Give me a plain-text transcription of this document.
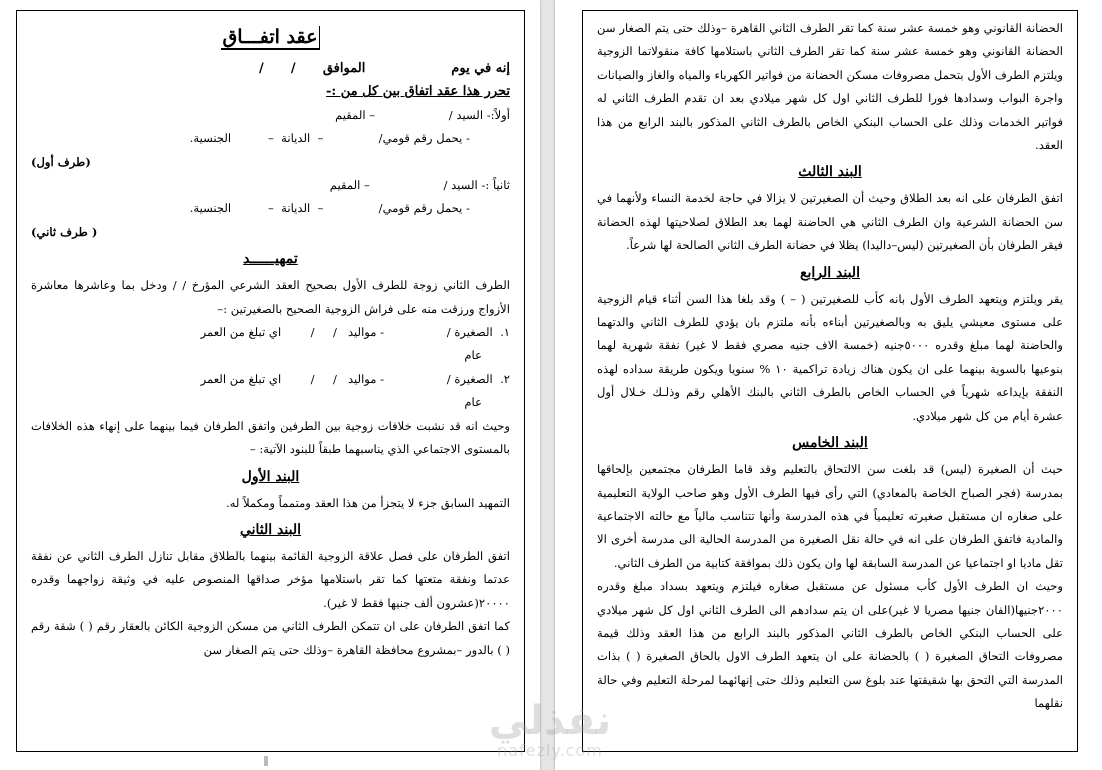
عقد اتفـــاق

إنه في يوم                   الموافق      /      /

تحرر هذا عقد اتفاق بين كل من :-

أولاً:- السيد /                    – المقيم

- يحمل رقم قومي/               –  الديانة  –          الجنسية.

(طرف أول)

ثانياً :- السيد /                    – المقيم

- يحمل رقم قومي/               –  الديانة  –          الجنسية.

( طرف ثاني)

تمهيــــــد

الطرف الثاني زوجة للطرف الأول بصحيح العقد الشرعي المؤرخ / / ودخل بما وعاشرها معاشرة الأزواج ورزقت منه على فراش الزوجية الصحيح بالصغيرتين :–

١.  الصغيرة /                 - مواليد   /     /        اي تبلغ من العمر

عام

٢.  الصغيرة /                 - مواليد   /     /        اي تبلغ من العمر

عام

وحيث انه قد نشبت خلافات زوجية بين الطرفين واتفق الطرفان فيما بينهما على إنهاء هذه الخلافات بالمستوى الاجتماعي الذي يناسبهما طبقاً للبنود الآتية: –

البند الأول

التمهيد السابق جزء لا يتجزأ من هذا العقد ومتمماً ومكملاً له.

البند الثاني

اتفق الطرفان على فصل علاقة الزوجية القائمة بينهما بالطلاق مقابل تنازل الطرف الثاني عن نفقة عدتما ونفقة متعتها كما تقر باستلامها مؤخر صداقها المنصوص عليه في وثيقة زواجهما وقدره ٢٠٠٠٠(عشرون ألف جنيها فقط لا غير).

كما اتفق الطرفان على ان تتمكن الطرف الثاني من مسكن الزوجية الكائن بالعقار رقم ( ) شقة رقم ( ) بالدور –بمشروع محافظة القاهرة –وذلك حتى يتم الصغار سن

الحضانة القانوني وهو خمسة عشر سنة كما تقر الطرف الثاني القاهرة –وذلك حتى يتم الصغار سن الحضانة القانوني وهو خمسة عشر سنة كما تقر الطرف الثاني باستلامها كافة منقولاتما الزوجية ويلتزم الطرف الأول بتحمل مصروفات مسكن الحضانة من فواتير الكهرباء والمياه والغاز والصيانات واجرة البواب وسدادها فورا للطرف الثاني اول كل شهر ميلادي بعد ان تقدم الطرف الثاني له فواتير الخدمات وذلك على الحساب البنكي الخاص بالطرف الثاني المذكور بالبند الرابع من هذا العقد.

البند الثالث

اتفق الطرفان على انه بعد الطلاق وحيث أن الصغيرتين لا يزالا في حاجة لخدمة النساء ولأنهما في سن الحضانة الشرعية وان الطرف الثاني هي الحاضنة لهما بعد الطلاق لصلاحيتها لهذه الحضانة فيقر الطرفان بأن الصغيرتين (ليس–داليدا) يظلا في حضانة الطرف الثاني الصالحة لها شرعاً.

البند الرابع

يقر ويلتزم ويتعهد الطرف الأول بانه كأب للصغيرتين ( – ) وقد بلغا هذا السن أثناء قيام الزوجية على مستوى معيشي يليق به وبالصغيرتين أبناءه بأنه ملتزم بان يؤدي للطرف الثاني والدتهما والحاضنة لهما مبلغ وقدره ٥٠٠٠جنيه (خمسة الاف جنيه مصري فقط لا غير) نفقة شهرية لهما بنوعيها بالسوية بينهما على ان يكون هناك زيادة تراكمية ١٠ % سنويا ويكون طريقة سداده لهذه النفقة بإيداعه شهرياً في الحساب الخاص بالطرف الثاني بالبنك الأهلي رقم وذلـك خـلال أول عشرة أيام من كل شهر ميلادي.

البند الخامس

حيث أن الصغيرة (ليس) قد بلغت سن الالتحاق بالتعليم وقد قاما الطرفان مجتمعين بإلحاقها بمدرسة (فجر الصباح الخاصة بالمعادي) التي رأى فيها الطرف الأول وهو صاحب الولاية التعليمية على صغاره ان مستقبل صغيرته تعليمياً في هذه المدرسة وأنها تتناسب مالياً مع حالته الاجتماعية والمادية فاتفق الطرفان على انه في حالة نقل الصغيرة من المدرسة الحالية الى مدرسة أخرى الا تقل ماديا او اجتماعيا عن المدرسة السابقة لها وان يكون ذلك بموافقة كتابية من الطرف الثاني.

وحيث ان الطرف الأول كأب مسئول عن مستقبل صغاره فيلتزم ويتعهد بسداد مبلغ وقدره ٢٠٠٠جنيها(الفان جنيها مصريا لا غير)على ان يتم سدادهم الى الطرف الثاني اول كل شهر ميلادي على الحساب البنكي الخاص بالطرف الثاني المذكور بالبند الرابع من هذا العقد وذلك قيمة مصروفات التحاق الصغيرة ( ) بالحضانة على ان يتعهد الطرف الاول بالحاق الصغيرة ( ) بذات المدرسة التي التحق بها شقيقتها عند بلوغ سن التعليم وذلك حتى إنهائهما لمرحلة التعليم وفي حالة نقلهما

نفذلي
nafezly.com
